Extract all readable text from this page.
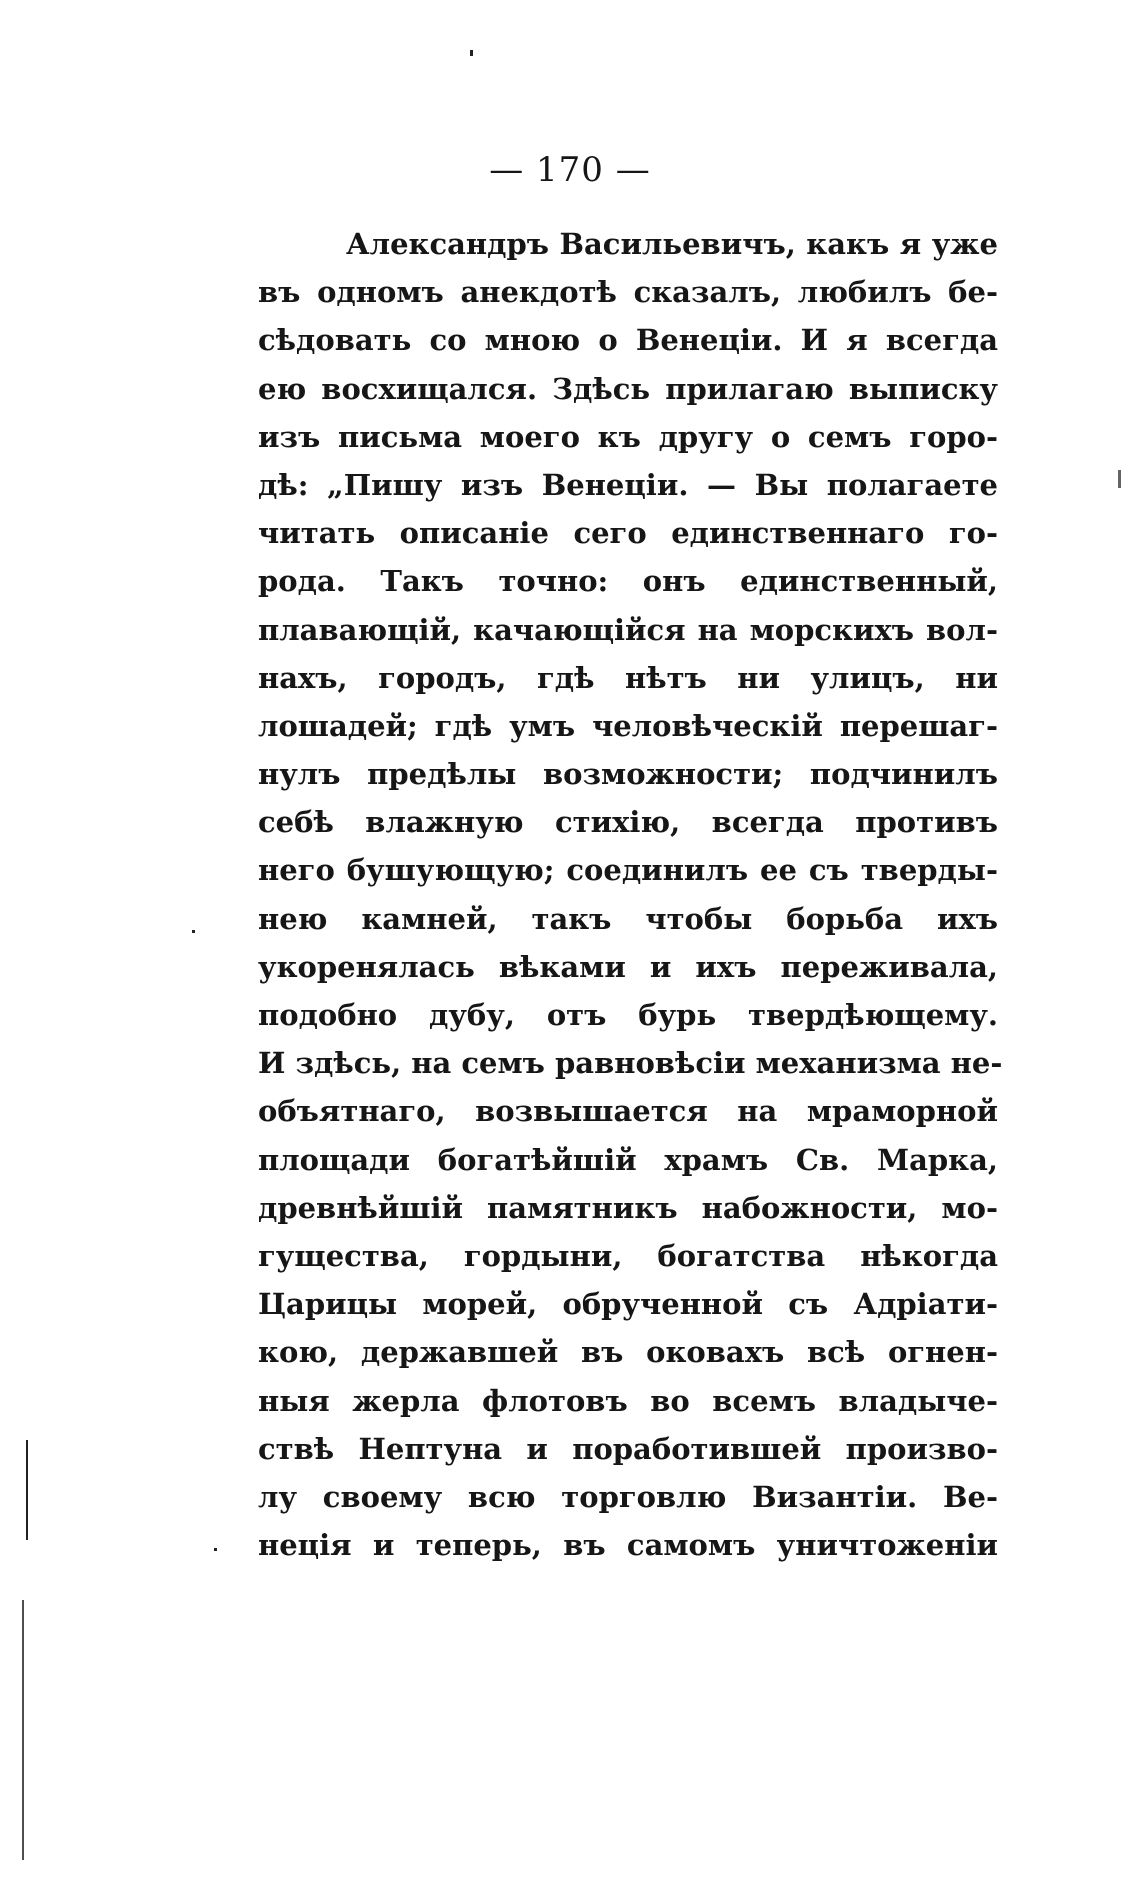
— 170 —
Александръ Васильевичъ, какъ я уже
въ одномъ анекдотѣ сказалъ, любилъ бе-
сѣдовать со мною о Венеціи. И я всегда
ею восхищался. Здѣсь прилагаю выписку
изъ письма моего къ другу о семъ горо-
дѣ: „Пишу изъ Венеціи. — Вы полагаете
читать описаніе сего единственнаго го-
рода. Такъ точно: онъ единственный,
плавающій, качающійся на морскихъ вол-
нахъ, городъ, гдѣ нѣтъ ни улицъ, ни
лошадей; гдѣ умъ человѣческій перешаг-
нулъ предѣлы возможности; подчинилъ
себѣ влажную стихію, всегда противъ
него бушующую; соединилъ ее съ тверды-
нею камней, такъ чтобы борьба ихъ
укоренялась вѣками и ихъ переживала,
подобно дубу, отъ бурь твердѣющему.
И здѣсь, на семъ равновѣсіи механизма не-
объятнаго, возвышается на мраморной
площади богатѣйшій храмъ Св. Марка,
древнѣйшій памятникъ набожности, мо-
гущества, гордыни, богатства нѣкогда
Царицы морей, обрученной съ Адріати-
кою, державшей въ оковахъ всѣ огнен-
ныя жерла флотовъ во всемъ владычe-
ствѣ Нептуна и поработившей произво-
лу своему всю торговлю Византіи. Ве-
неція и теперь, въ самомъ уничтоженіи
